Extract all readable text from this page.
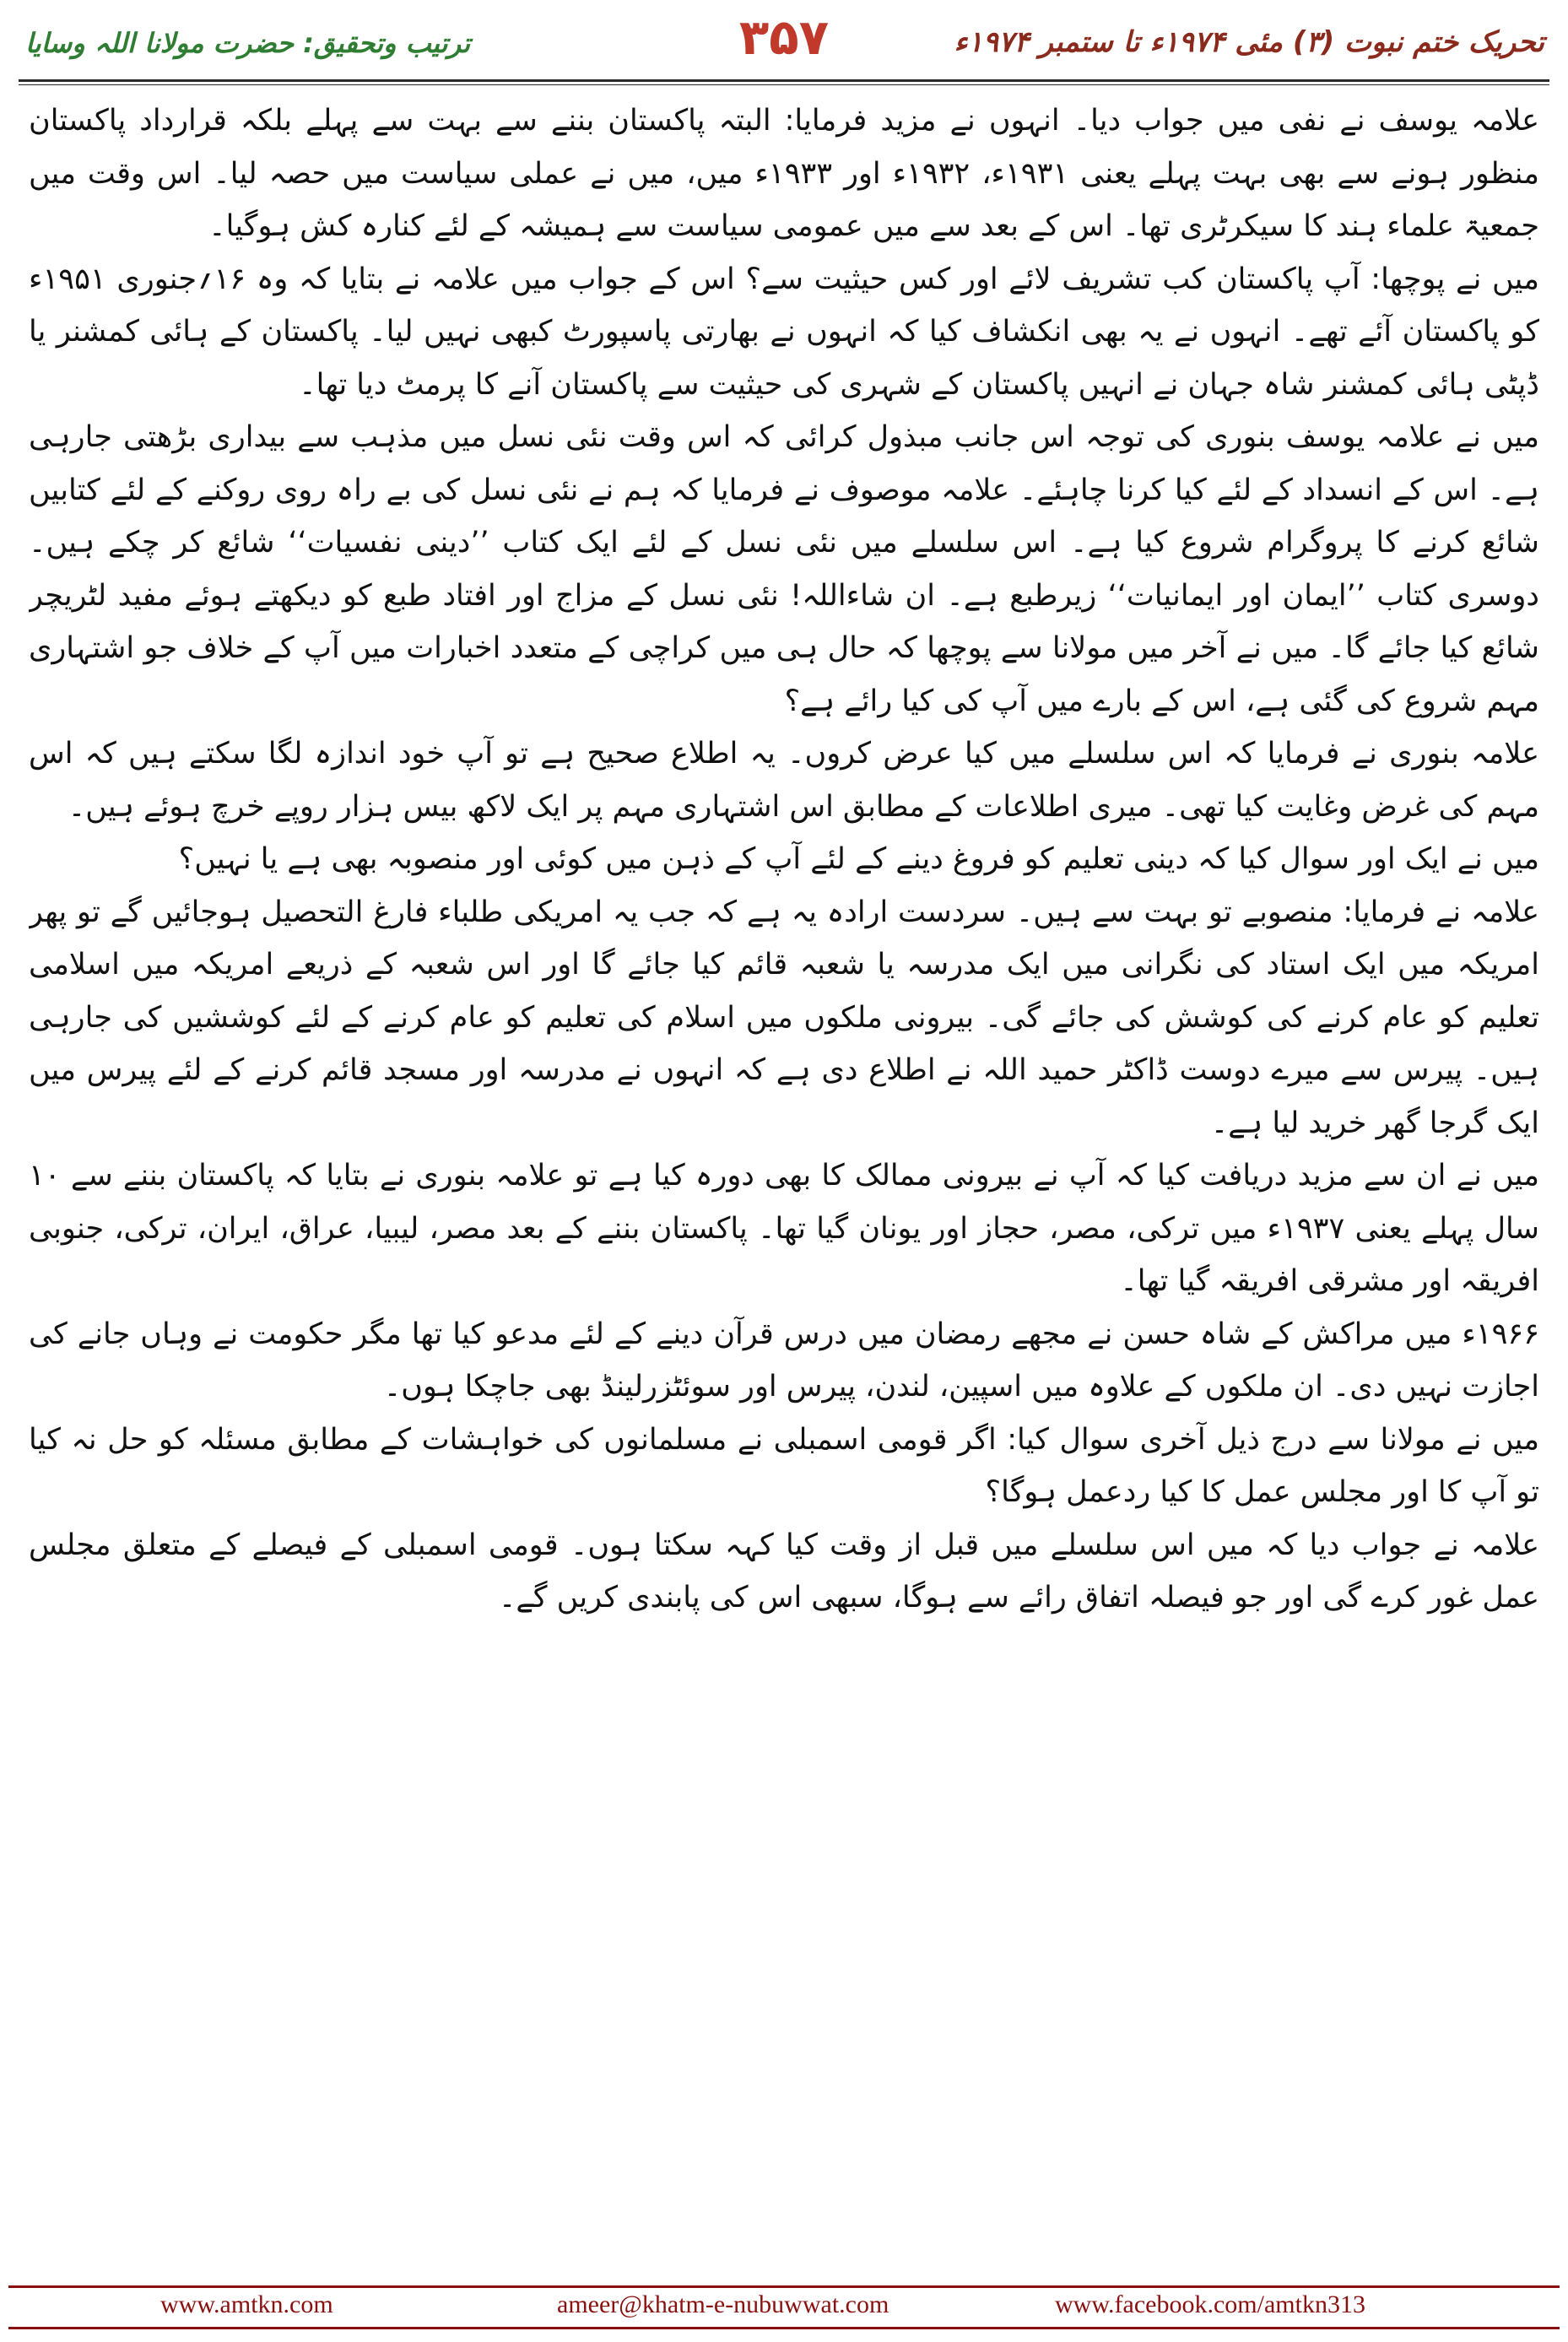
تحریک ختم نبوت (۳) مئی ۱۹۷۴ء تا ستمبر ۱۹۷۴ء
۳۵۷
ترتیب وتحقیق: حضرت مولانا اللہ وسایا

علامہ یوسف نے نفی میں جواب دیا۔ انہوں نے مزید فرمایا: البتہ پاکستان بننے سے بہت سے پہلے بلکہ قرارداد پاکستان منظور ہونے سے بھی بہت پہلے یعنی ۱۹۳۱ء، ۱۹۳۲ء اور ۱۹۳۳ء میں، میں نے عملی سیاست میں حصہ لیا۔ اس وقت میں جمعیۃ علماء ہند کا سیکرٹری تھا۔ اس کے بعد سے میں عمومی سیاست سے ہمیشہ کے لئے کنارہ کش ہوگیا۔

میں نے پوچھا: آپ پاکستان کب تشریف لائے اور کس حیثیت سے؟ اس کے جواب میں علامہ نے بتایا کہ وہ ۱۶؍جنوری ۱۹۵۱ء کو پاکستان آئے تھے۔ انہوں نے یہ بھی انکشاف کیا کہ انہوں نے بھارتی پاسپورٹ کبھی نہیں لیا۔ پاکستان کے ہائی کمشنر یا ڈپٹی ہائی کمشنر شاہ جہان نے انہیں پاکستان کے شہری کی حیثیت سے پاکستان آنے کا پرمٹ دیا تھا۔

میں نے علامہ یوسف بنوری کی توجہ اس جانب مبذول کرائی کہ اس وقت نئی نسل میں مذہب سے بیداری بڑھتی جارہی ہے۔ اس کے انسداد کے لئے کیا کرنا چاہئے۔ علامہ موصوف نے فرمایا کہ ہم نے نئی نسل کی بے راہ روی روکنے کے لئے کتابیں شائع کرنے کا پروگرام شروع کیا ہے۔ اس سلسلے میں نئی نسل کے لئے ایک کتاب ’’دینی نفسیات‘‘ شائع کر چکے ہیں۔ دوسری کتاب ’’ایمان اور ایمانیات‘‘ زیرطبع ہے۔ ان شاءاللہ! نئی نسل کے مزاج اور افتاد طبع کو دیکھتے ہوئے مفید لٹریچر شائع کیا جائے گا۔ میں نے آخر میں مولانا سے پوچھا کہ حال ہی میں کراچی کے متعدد اخبارات میں آپ کے خلاف جو اشتہاری مہم شروع کی گئی ہے، اس کے بارے میں آپ کی کیا رائے ہے؟

علامہ بنوری نے فرمایا کہ اس سلسلے میں کیا عرض کروں۔ یہ اطلاع صحیح ہے تو آپ خود اندازہ لگا سکتے ہیں کہ اس مہم کی غرض وغایت کیا تھی۔ میری اطلاعات کے مطابق اس اشتہاری مہم پر ایک لاکھ بیس ہزار روپے خرچ ہوئے ہیں۔

میں نے ایک اور سوال کیا کہ دینی تعلیم کو فروغ دینے کے لئے آپ کے ذہن میں کوئی اور منصوبہ بھی ہے یا نہیں؟

علامہ نے فرمایا: منصوبے تو بہت سے ہیں۔ سردست ارادہ یہ ہے کہ جب یہ امریکی طلباء فارغ التحصیل ہوجائیں گے تو پھر امریکہ میں ایک استاد کی نگرانی میں ایک مدرسہ یا شعبہ قائم کیا جائے گا اور اس شعبہ کے ذریعے امریکہ میں اسلامی تعلیم کو عام کرنے کی کوشش کی جائے گی۔ بیرونی ملکوں میں اسلام کی تعلیم کو عام کرنے کے لئے کوششیں کی جارہی ہیں۔ پیرس سے میرے دوست ڈاکٹر حمید اللہ نے اطلاع دی ہے کہ انہوں نے مدرسہ اور مسجد قائم کرنے کے لئے پیرس میں ایک گرجا گھر خرید لیا ہے۔

میں نے ان سے مزید دریافت کیا کہ آپ نے بیرونی ممالک کا بھی دورہ کیا ہے تو علامہ بنوری نے بتایا کہ پاکستان بننے سے ۱۰ سال پہلے یعنی ۱۹۳۷ء میں ترکی، مصر، حجاز اور یونان گیا تھا۔ پاکستان بننے کے بعد مصر، لیبیا، عراق، ایران، ترکی، جنوبی افریقہ اور مشرقی افریقہ گیا تھا۔

۱۹۶۶ء میں مراکش کے شاہ حسن نے مجھے رمضان میں درس قرآن دینے کے لئے مدعو کیا تھا مگر حکومت نے وہاں جانے کی اجازت نہیں دی۔ ان ملکوں کے علاوہ میں اسپین، لندن، پیرس اور سوئٹزرلینڈ بھی جاچکا ہوں۔

میں نے مولانا سے درج ذیل آخری سوال کیا: اگر قومی اسمبلی نے مسلمانوں کی خواہشات کے مطابق مسئلہ کو حل نہ کیا تو آپ کا اور مجلس عمل کا کیا ردعمل ہوگا؟

علامہ نے جواب دیا کہ میں اس سلسلے میں قبل از وقت کیا کہہ سکتا ہوں۔ قومی اسمبلی کے فیصلے کے متعلق مجلس عمل غور کرے گی اور جو فیصلہ اتفاق رائے سے ہوگا، سبھی اس کی پابندی کریں گے۔

www.amtkn.com	ameer@khatm-e-nubuwwat.com	www.facebook.com/amtkn313
